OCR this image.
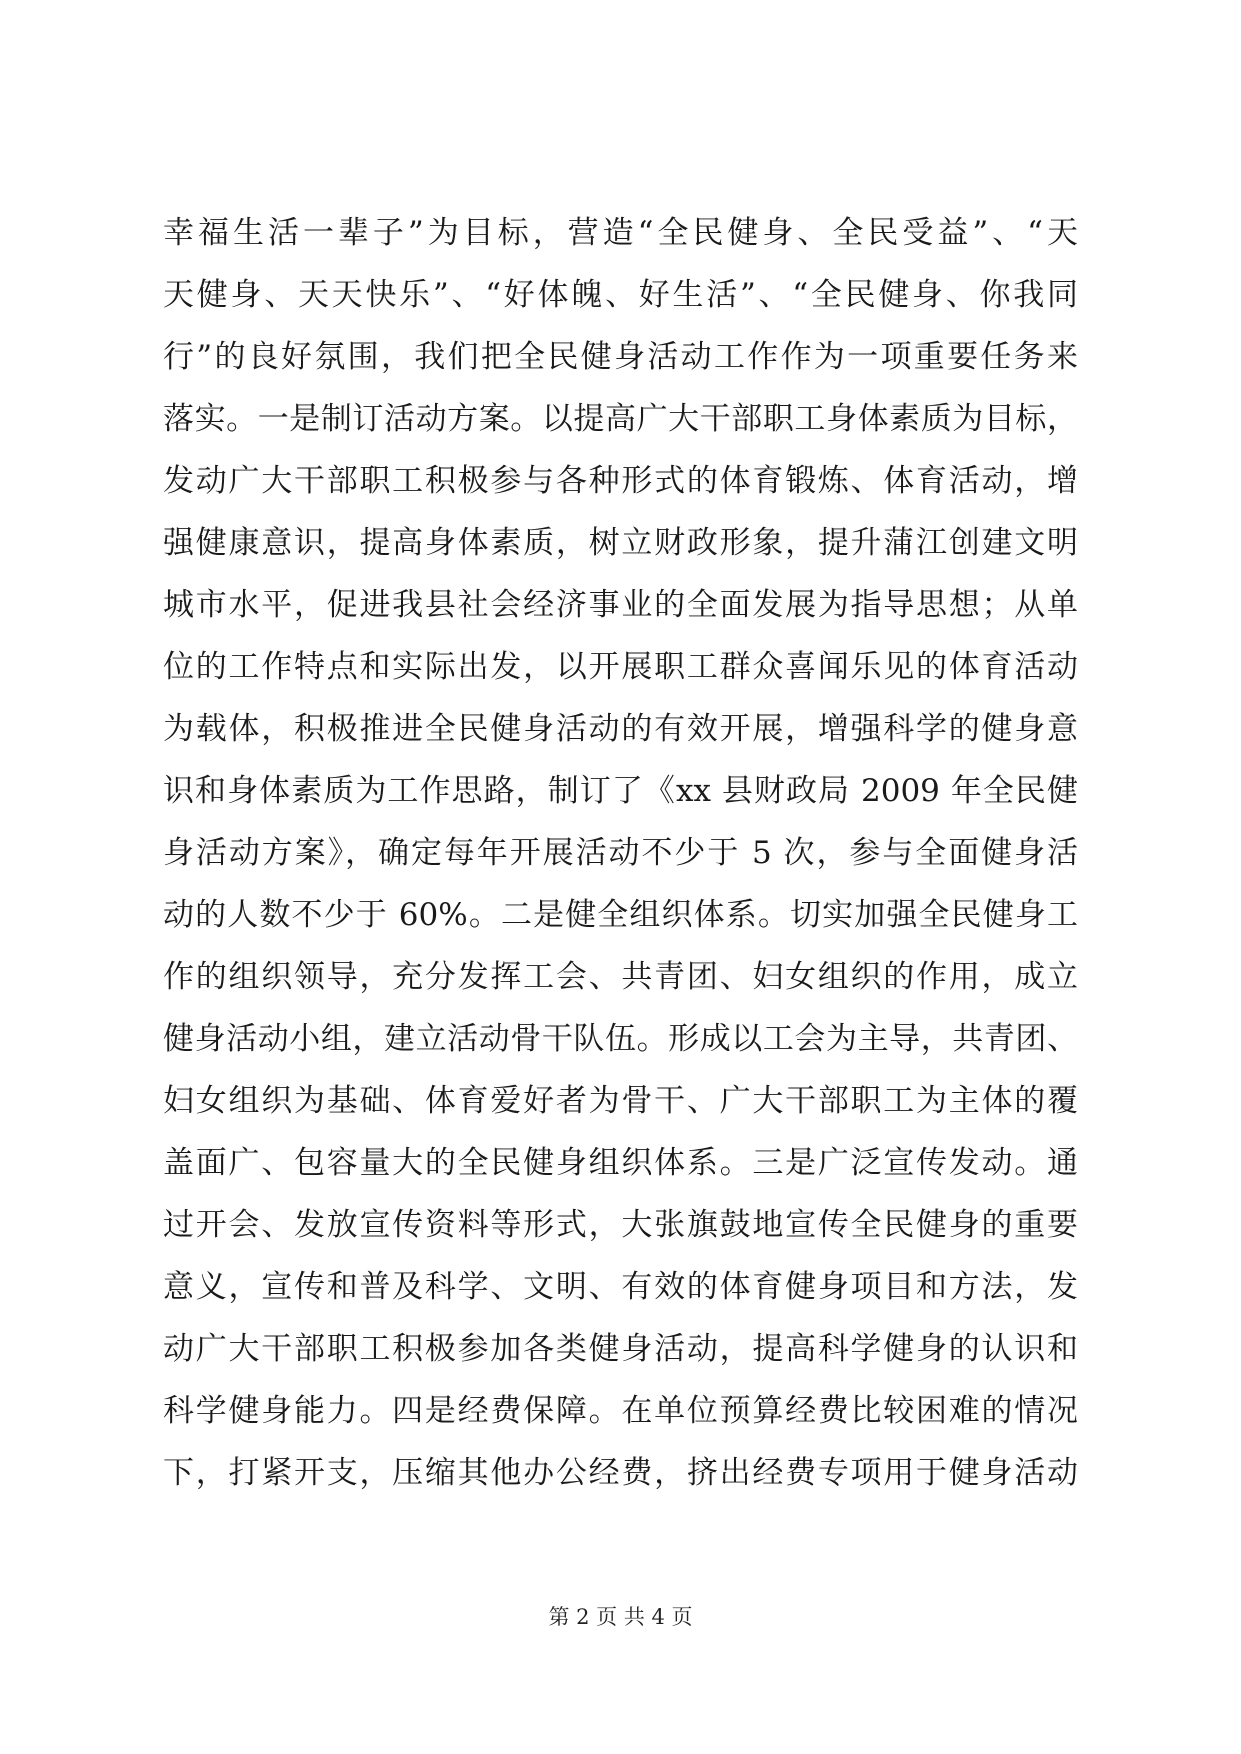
幸福生活一辈子”为目标，营造“全民健身、全民受益”、“天
天健身、天天快乐”、“好体魄、好生活”、“全民健身、你我同
行”的良好氛围，我们把全民健身活动工作作为一项重要任务来
落实。一是制订活动方案。以提高广大干部职工身体素质为目标，
发动广大干部职工积极参与各种形式的体育锻炼、体育活动，增
强健康意识，提高身体素质，树立财政形象，提升蒲江创建文明
城市水平，促进我县社会经济事业的全面发展为指导思想；从单
位的工作特点和实际出发，以开展职工群众喜闻乐见的体育活动
为载体，积极推进全民健身活动的有效开展，增强科学的健身意
识和身体素质为工作思路，制订了《xx 县财政局 2009 年全民健
身活动方案》，确定每年开展活动不少于 5 次，参与全面健身活
动的人数不少于 60%。二是健全组织体系。切实加强全民健身工
作的组织领导，充分发挥工会、共青团、妇女组织的作用，成立
健身活动小组，建立活动骨干队伍。形成以工会为主导，共青团、
妇女组织为基础、体育爱好者为骨干、广大干部职工为主体的覆
盖面广、包容量大的全民健身组织体系。三是广泛宣传发动。通
过开会、发放宣传资料等形式，大张旗鼓地宣传全民健身的重要
意义，宣传和普及科学、文明、有效的体育健身项目和方法，发
动广大干部职工积极参加各类健身活动，提高科学健身的认识和
科学健身能力。四是经费保障。在单位预算经费比较困难的情况
下，打紧开支，压缩其他办公经费，挤出经费专项用于健身活动
第 2 页 共 4 页
